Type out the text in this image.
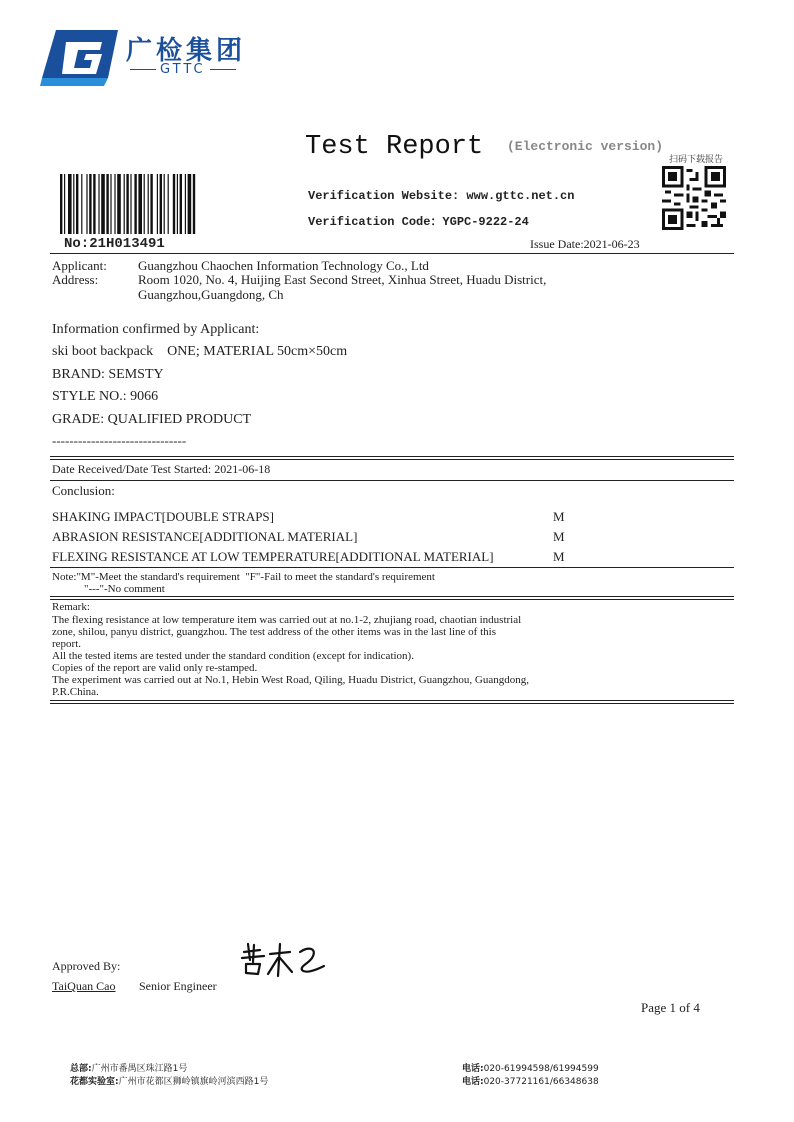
广检集团
GTTC
Test Report (Electronic version)
扫码下载报告
No:21H013491
Verification Website: www.gttc.net.cn
Verification Code：YGPC-9222-24
Issue Date:2021-06-23
Applicant: Guangzhou Chaochen Information Technology Co., Ltd
Address:	Room 1020, No. 4, Huijing East Second Street, Xinhua Street, Huadu District,
Guangzhou,Guangdong, Ch
Information confirmed by Applicant:
ski boot backpack    ONE; MATERIAL 50cm×50cm
BRAND: SEMSTY
STYLE NO.: 9066
GRADE: QUALIFIED PRODUCT
-------------------------------
Date Received/Date Test Started: 2021-06-18
Conclusion:
SHAKING IMPACT[DOUBLE STRAPS]	M
ABRASION RESISTANCE[ADDITIONAL MATERIAL]	M
FLEXING RESISTANCE AT LOW TEMPERATURE[ADDITIONAL MATERIAL]	M
Note:"M"-Meet the standard's requirement  "F"-Fail to meet the standard's requirement
"---"-No comment
Remark:
The flexing resistance at low temperature item was carried out at no.1-2, zhujiang road, chaotian industrial
zone, shilou, panyu district, guangzhou. The test address of the other items was in the last line of this
report.
All the tested items are tested under the standard condition (except for indication).
Copies of the report are valid only re-stamped.
The experiment was carried out at No.1, Hebin West Road, Qiling, Huadu District, Guangzhou, Guangdong,
P.R.China.
Approved By:
TaiQuan Cao Senior Engineer
Page 1 of 4
总部:广州市番禺区珠江路1号
花都实验室:广州市花都区狮岭镇旗岭河滨西路1号
电话:020-61994598/61994599
电话:020-37721161/66348638
